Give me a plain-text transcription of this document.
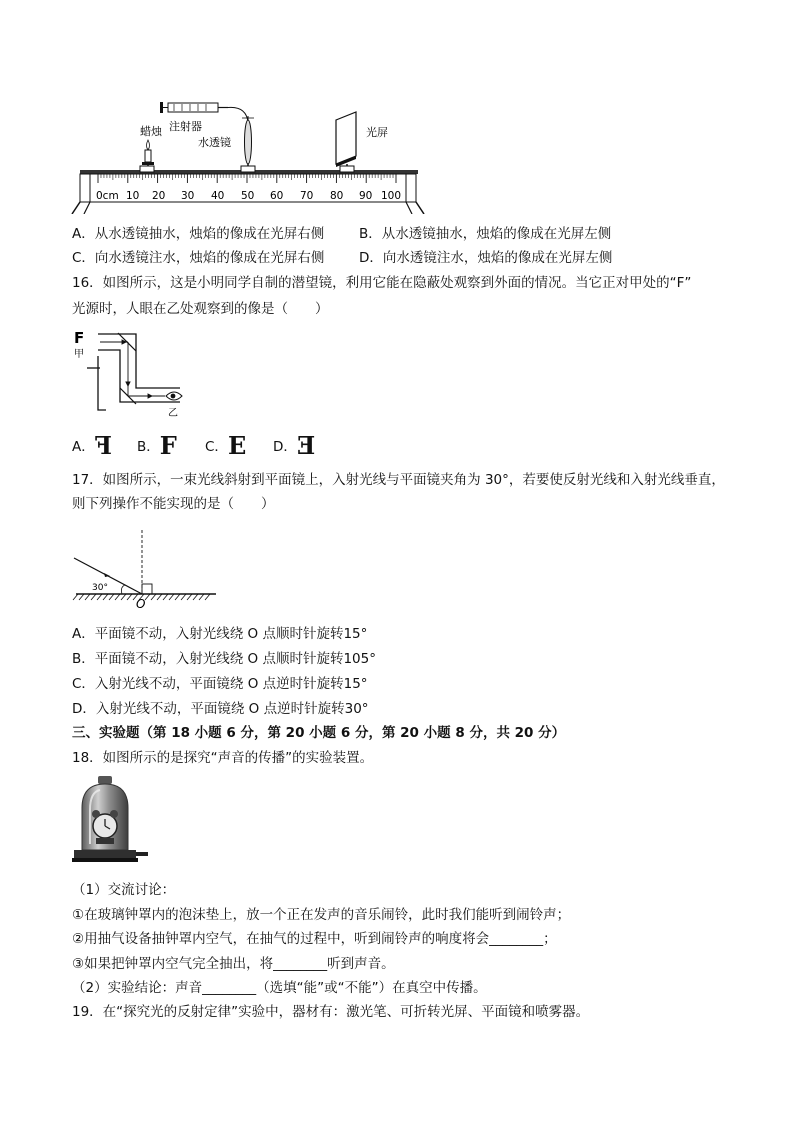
注射器
蜡烛
水透镜
光屏
0cm 10 20 30 40 50 60 70 80 90 100
A．从水透镜抽水，烛焰的像成在光屏右侧	B．从水透镜抽水，烛焰的像成在光屏左侧
C．向水透镜注水，烛焰的像成在光屏右侧	D．向水透镜注水，烛焰的像成在光屏左侧
16．如图所示，这是小明同学自制的潜望镜，利用它能在隐蔽处观察到外面的情况。当它正对甲处的“F”
光源时，人眼在乙处观察到的像是（　　）
F
甲
乙
A．F B．F C．E D．E
17．如图所示，一束光线斜射到平面镜上，入射光线与平面镜夹角为 30°，若要使反射光线和入射光线垂直，
则下列操作不能实现的是（　　）
30°
O
A．平面镜不动，入射光线绕 O 点顺时针旋转15°
B．平面镜不动，入射光线绕 O 点顺时针旋转105°
C．入射光线不动，平面镜绕 O 点逆时针旋转15°
D．入射光线不动，平面镜绕 O 点逆时针旋转30°
三、实验题（第 18 小题 6 分，第 20 小题 6 分，第 20 小题 8 分，共 20 分）
18．如图所示的是探究“声音的传播”的实验装置。
（1）交流讨论：
①在玻璃钟罩内的泡沫垫上，放一个正在发声的音乐闹铃，此时我们能听到闹铃声；
②用抽气设备抽钟罩内空气，在抽气的过程中，听到闹铃声的响度将会________；
③如果把钟罩内空气完全抽出，将________听到声音。
（2）实验结论：声音________（选填“能”或“不能”）在真空中传播。
19．在“探究光的反射定律”实验中，器材有：激光笔、可折转光屏、平面镜和喷雾器。
